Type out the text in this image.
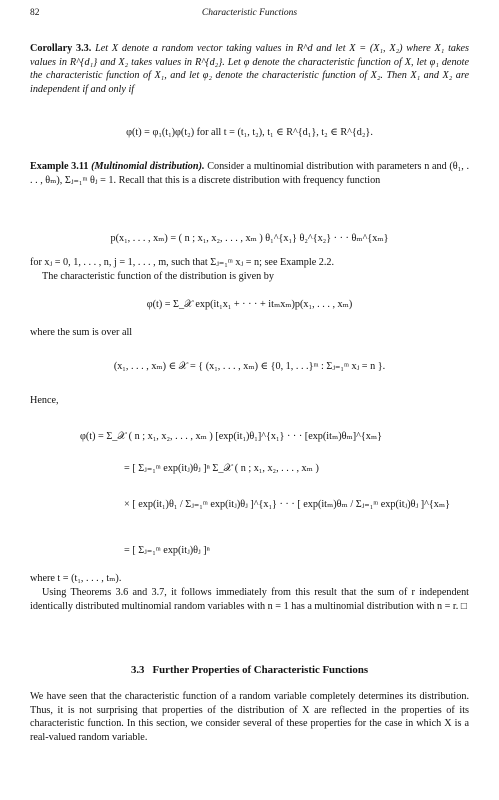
82	Characteristic Functions
Corollary 3.3. Let X denote a random vector taking values in R^d and let X = (X₁, X₂) where X₁ takes values in R^{d₁} and X₂ takes values in R^{d₂}. Let φ denote the characteristic function of X, let φ₁ denote the characteristic function of X₁, and let φ₂ denote the characteristic function of X₂. Then X₁ and X₂ are independent if and only if
φ(t) = φ₁(t₁)φ(t₂) for all t = (t₁, t₂), t₁ ∈ R^{d₁}, t₂ ∈ R^{d₂}.
Example 3.11 (Multinomial distribution). Consider a multinomial distribution with parameters n and (θ₁, . . . , θₘ), Σⱼ₌₁ᵐ θⱼ = 1. Recall that this is a discrete distribution with frequency function
p(x₁, . . . , xₘ) = ( n ; x₁, x₂, . . . , xₘ ) θ₁^{x₁} θ₂^{x₂} · · · θₘ^{xₘ}
for xⱼ = 0, 1, . . . , n, j = 1, . . . , m, such that Σⱼ₌₁ᵐ xⱼ = n; see Example 2.2.
The characteristic function of the distribution is given by
φ(t) = Σ_𝒳 exp(it₁x₁ + · · · + itₘxₘ)p(x₁, . . . , xₘ)
where the sum is over all
(x₁, . . . , xₘ) ∈ 𝒳 = { (x₁, . . . , xₘ) ∈ {0, 1, . . .}ᵐ : Σⱼ₌₁ᵐ xⱼ = n }.
Hence,
φ(t) = Σ_𝒳 ( n ; x₁, x₂, . . . , xₘ ) [exp(it₁)θ₁]^{x₁} · · · [exp(itₘ)θₘ]^{xₘ}
= [ Σⱼ₌₁ᵐ exp(itⱼ)θⱼ ]ⁿ Σ_𝒳 ( n ; x₁, x₂, . . . , xₘ )
× [ exp(it₁)θ₁ / Σⱼ₌₁ᵐ exp(itⱼ)θⱼ ]^{x₁} · · · [ exp(itₘ)θₘ / Σⱼ₌₁ᵐ exp(itⱼ)θⱼ ]^{xₘ}
= [ Σⱼ₌₁ᵐ exp(itⱼ)θⱼ ]ⁿ
where t = (t₁, . . . , tₘ).
Using Theorems 3.6 and 3.7, it follows immediately from this result that the sum of r independent identically distributed multinomial random variables with n = 1 has a multinomial distribution with n = r. □
3.3 Further Properties of Characteristic Functions
We have seen that the characteristic function of a random variable completely determines its distribution. Thus, it is not surprising that properties of the distribution of X are reflected in the properties of its characteristic function. In this section, we consider several of these properties for the case in which X is a real-valued random variable.
